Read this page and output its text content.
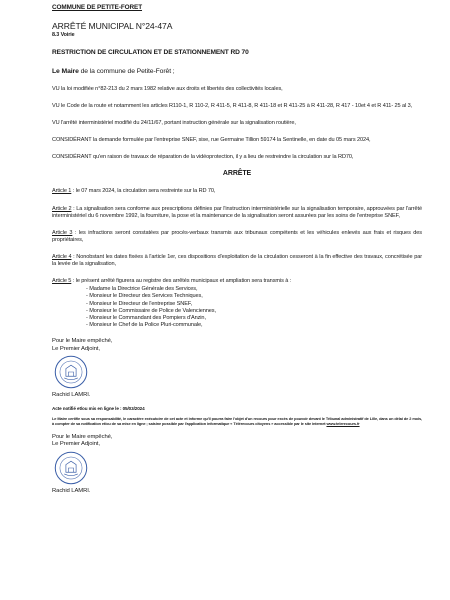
COMMUNE DE PETITE-FORET
ARRÊTÉ MUNICIPAL N°24-47A
8.3 Voirie
RESTRICTION DE CIRCULATION ET DE STATIONNEMENT RD 70
Le Maire de la commune de Petite-Forêt ;
VU la loi modifiée n°82-213 du 2 mars 1982 relative aux droits et libertés des collectivités locales,
VU le Code de la route et notamment les articles R110-1, R 110-2, R 411-5, R 411-8, R 411-18 et R 411-25 à R 411-28, R 417 - 10et 4 et R 411- 25 al 3,
VU l'arrêté interministériel modifié du 24/11/67, portant instruction générale sur la signalisation routière,
CONSIDÉRANT la demande formulée par l'entreprise SNEF, sise, rue Germaine Tillion 59174 la Sentinelle, en date du 05 mars 2024,
CONSIDÉRANT qu'en raison de travaux de réparation de la vidéoprotection, il y a lieu de restreindre la circulation sur la RD70,
ARRÊTE
Article 1 : le 07 mars 2024, la circulation sera restreinte sur la RD 70,
Article 2 : La signalisation sera conforme aux prescriptions définies par l'instruction interministérielle sur la signalisation temporaire, approuvées par l'arrêté interministériel du 6 novembre 1992, la fourniture, la pose et la maintenance de la signalisation seront assurées par les soins de l'entreprise SNEF,
Article 3 : les infractions seront constatées par procès-verbaux transmis aux tribunaux compétents et les véhicules enlevés aux frais et risques des propriétaires,
Article 4 : Nonobstant les dates fixées à l'article 1er, ces dispositions d'exploitation de la circulation cesseront à la fin effective des travaux, concrétisée par la levée de la signalisation,
Article 5 : le présent arrêté figurera au registre des arrêtés municipaux et ampliation sera transmis à :
- Madame la Directrice Générale des Services,
- Monsieur le Directeur des Services Techniques,
- Monsieur le Directeur de l'entreprise SNEF,
- Monsieur le Commissaire de Police de Valenciennes,
- Monsieur le Commandant des Pompiers d'Anzin,
- Monsieur le Chef de la Police Pluri-communale,
Pour le Maire empêché,
Le Premier Adjoint,
Rachid LAMRI.
Acte notifié et/ou mis en ligne le : 05/03/2024
Le Maire certifie sous sa responsabilité, le caractère exécutoire de cet acte et informe qu'il pourra faire l'objet d'un recours pour excès de pouvoir devant le Tribunal administratif de Lille, dans un délai de 2 mois, à compter de sa notification et/ou de sa mise en ligne ; saisine possible par l'application informatique « Télérecours citoyens » accessible par le site internet www.telerecours.fr
Pour le Maire empêché,
Le Premier Adjoint,
Rachid LAMRI.
